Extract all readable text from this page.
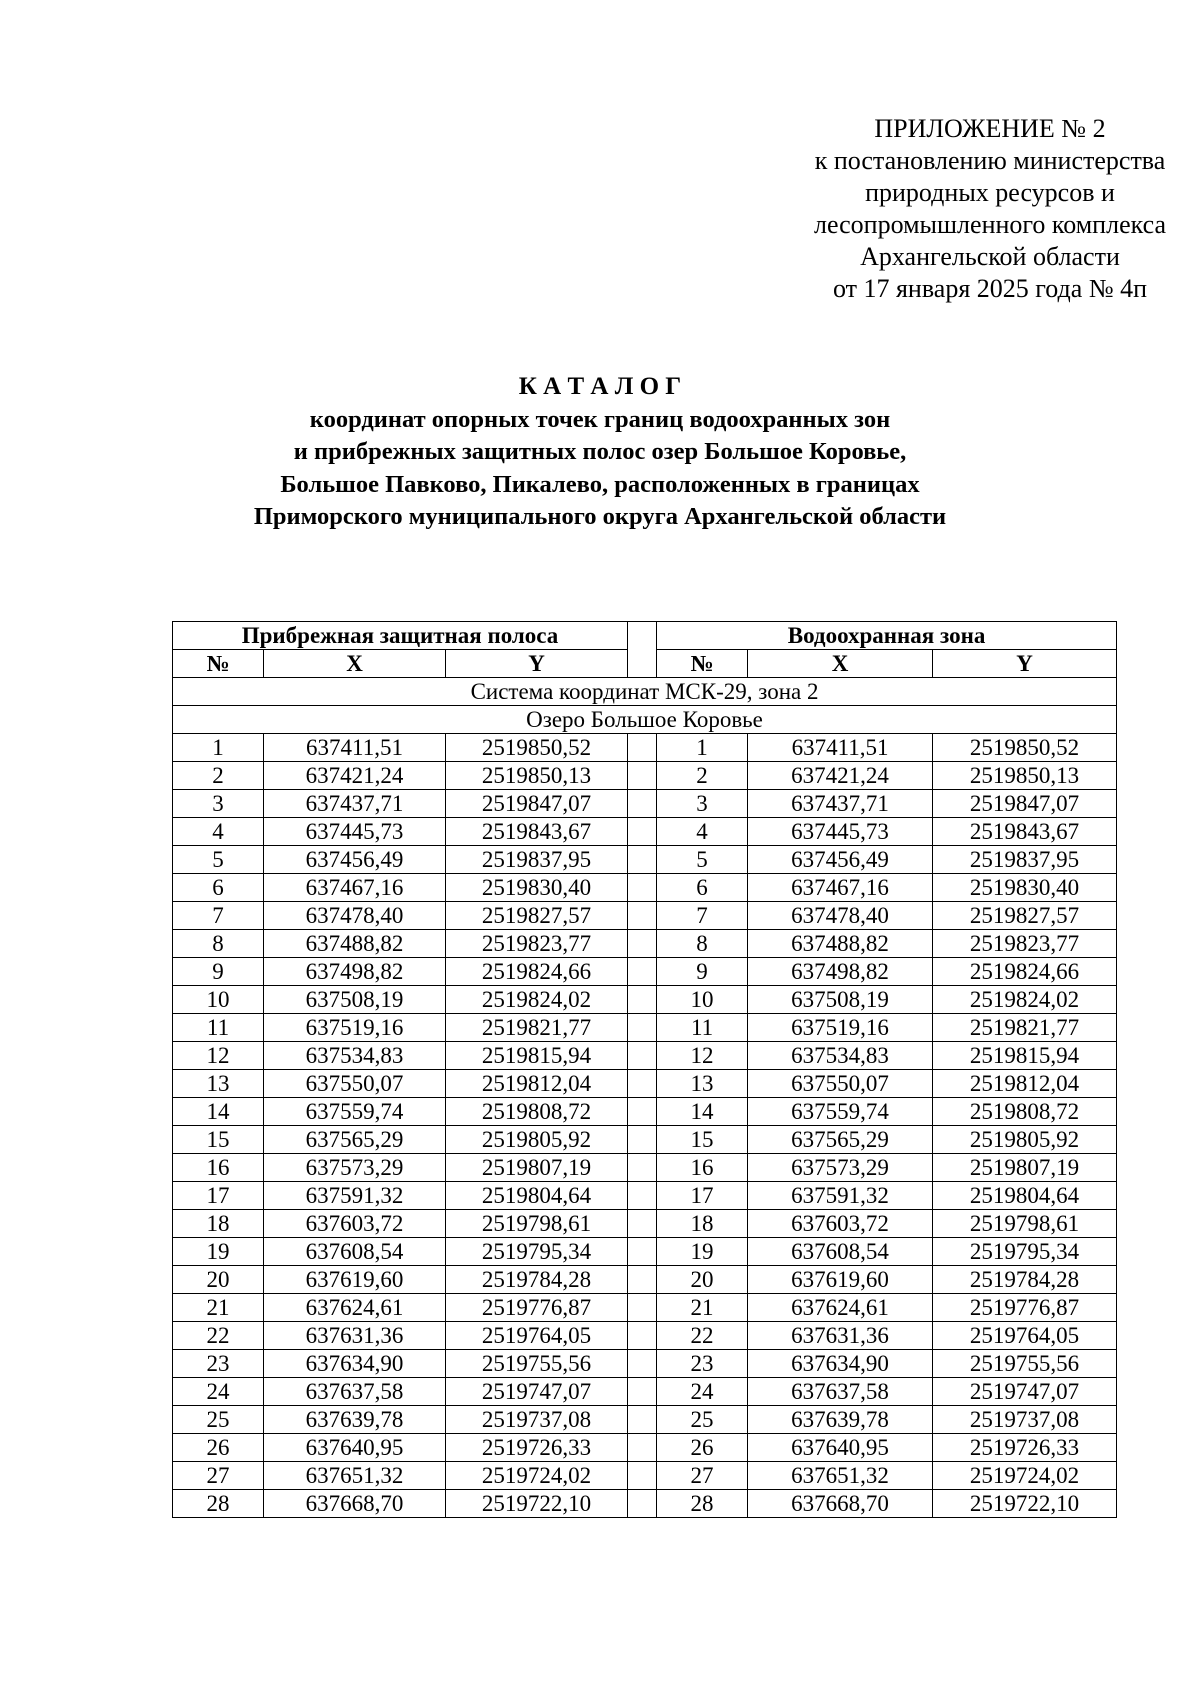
ПРИЛОЖЕНИЕ № 2
к постановлению министерства
природных ресурсов и
лесопромышленного комплекса
Архангельской области
от 17 января 2025 года № 4п
К А Т А Л О Г
координат опорных точек границ водоохранных зон
и прибрежных защитных полос озер Большое Коровье,
Большое Павково, Пикалево, расположенных в границах
Приморского муниципального округа Архангельской области
Прибрежная защитная полоса				Водоохранная зона		
№	X	Y		№	X	Y
Система координат МСК-29, зона 2						
Озеро Большое Коровье						
1	637411,51	2519850,52		1	637411,51	2519850,52
2	637421,24	2519850,13		2	637421,24	2519850,13
3	637437,71	2519847,07		3	637437,71	2519847,07
4	637445,73	2519843,67		4	637445,73	2519843,67
5	637456,49	2519837,95		5	637456,49	2519837,95
6	637467,16	2519830,40		6	637467,16	2519830,40
7	637478,40	2519827,57		7	637478,40	2519827,57
8	637488,82	2519823,77		8	637488,82	2519823,77
9	637498,82	2519824,66		9	637498,82	2519824,66
10	637508,19	2519824,02		10	637508,19	2519824,02
11	637519,16	2519821,77		11	637519,16	2519821,77
12	637534,83	2519815,94		12	637534,83	2519815,94
13	637550,07	2519812,04		13	637550,07	2519812,04
14	637559,74	2519808,72		14	637559,74	2519808,72
15	637565,29	2519805,92		15	637565,29	2519805,92
16	637573,29	2519807,19		16	637573,29	2519807,19
17	637591,32	2519804,64		17	637591,32	2519804,64
18	637603,72	2519798,61		18	637603,72	2519798,61
19	637608,54	2519795,34		19	637608,54	2519795,34
20	637619,60	2519784,28		20	637619,60	2519784,28
21	637624,61	2519776,87		21	637624,61	2519776,87
22	637631,36	2519764,05		22	637631,36	2519764,05
23	637634,90	2519755,56		23	637634,90	2519755,56
24	637637,58	2519747,07		24	637637,58	2519747,07
25	637639,78	2519737,08		25	637639,78	2519737,08
26	637640,95	2519726,33		26	637640,95	2519726,33
27	637651,32	2519724,02		27	637651,32	2519724,02
28	637668,70	2519722,10		28	637668,70	2519722,10
